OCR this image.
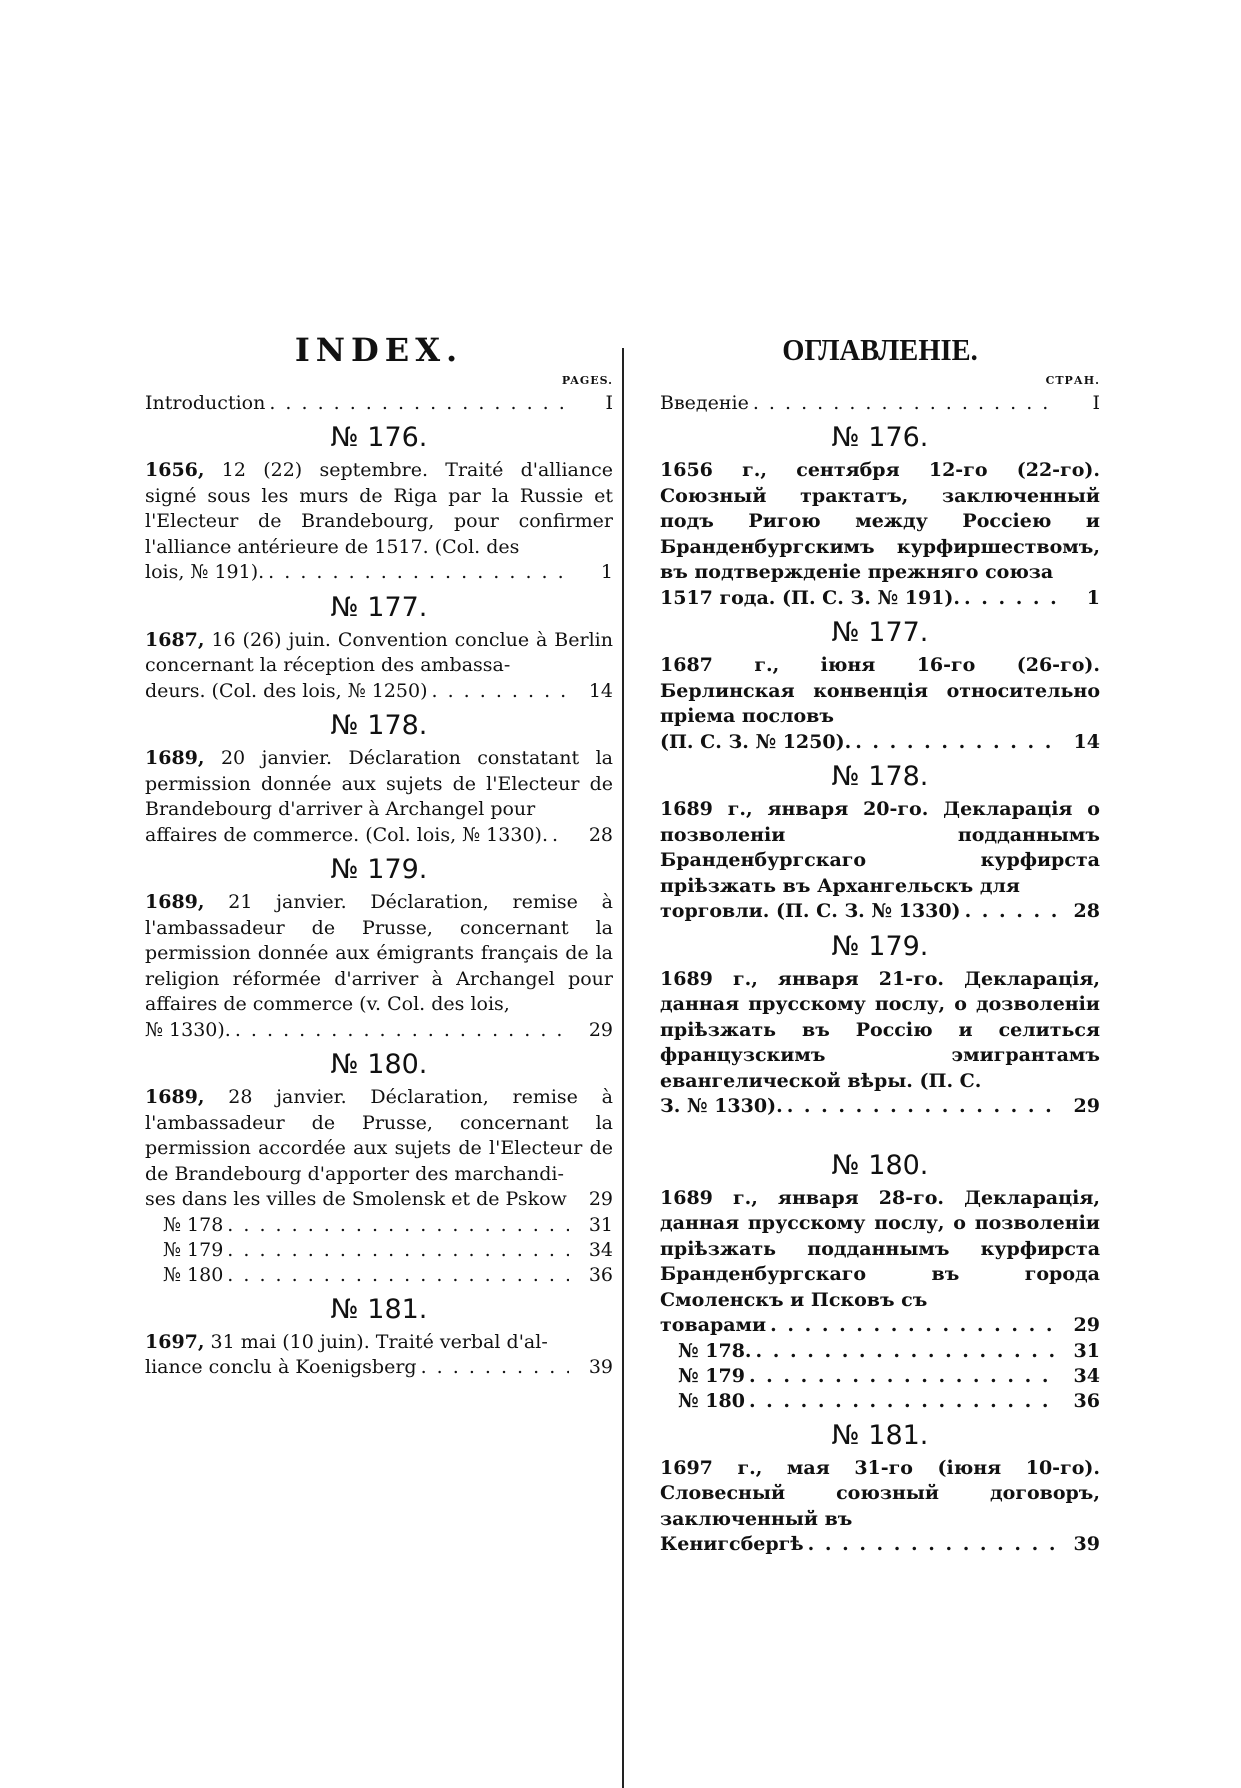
INDEX.
PAGES.
Introduction . . .	I
№ 176.
1656, 12 (22) septembre. Traité d'alliance signé sous les murs de Riga par la Russie et l'Electeur de Brandebourg, pour confirmer l'alliance antérieure de 1517. (Col. des
lois, № 191). . . .	1
№ 177.
1687, 16 (26) juin. Convention conclue à Berlin concernant la réception des ambassa-
deurs. (Col. des lois, № 1250) . . .	14
№ 178.
1689, 20 janvier. Déclaration constatant la permission donnée aux sujets de l'Electeur de Brandebourg d'arriver à Archangel pour
affaires de commerce. (Col. lois, № 1330). . . .	28
№ 179.
1689, 21 janvier. Déclaration, remise à l'ambassadeur de Prusse, concernant la permission donnée aux émigrants français de la religion réformée d'arriver à Archangel pour affaires de commerce (v. Col. des lois,
№ 1330). . . .	29
№ 180.
1689, 28 janvier. Déclaration, remise à l'ambassadeur de Prusse, concernant la permission accordée aux sujets de l'Electeur de de Brandebourg d'apporter des marchandi-
ses dans les villes de Smolensk et de Pskow	29
№ 178 . . .	31
№ 179 . . .	34
№ 180 . . .	36
№ 181.
1697, 31 mai (10 juin). Traité verbal d'al-
liance conclu à Koenigsberg . . .	39
ОГЛАВЛЕНІЕ.
СТРАН.
Введеніе . . .	I
№ 176.
1656 г., сентября 12-го (22-го). Союзный трактатъ, заключенный подъ Ригою между Россіею и Бранденбургскимъ курфиршествомъ, въ подтвержденіе прежняго союза
1517 года. (П. С. З. № 191). . . .	1
№ 177.
1687 г., іюня 16-го (26-го). Берлинская конвенція относительно пріема пословъ
(П. С. З. № 1250). . . .	14
№ 178.
1689 г., января 20-го. Декларація о позволеніи подданнымъ Бранденбургскаго курфирста пріѣзжать въ Архангельскъ для
торговли. (П. С. З. № 1330) . . .	28
№ 179.
1689 г., января 21-го. Декларація, данная прусскому послу, о дозволеніи пріѣзжать въ Россію и селиться французскимъ эмигрантамъ евангелической вѣры. (П. С.
З. № 1330). . . .	29
№ 180.
1689 г., января 28-го. Декларація, данная прусскому послу, о позволеніи пріѣзжать подданнымъ курфирста Бранденбургскаго въ города Смоленскъ и Псковъ съ
товарами . . .	29
№ 178. . . .	31
№ 179 . . .	34
№ 180 . . .	36
№ 181.
1697 г., мая 31-го (іюня 10-го). Словесный союзный договоръ, заключенный въ
Кенигсбергѣ . . .	39
